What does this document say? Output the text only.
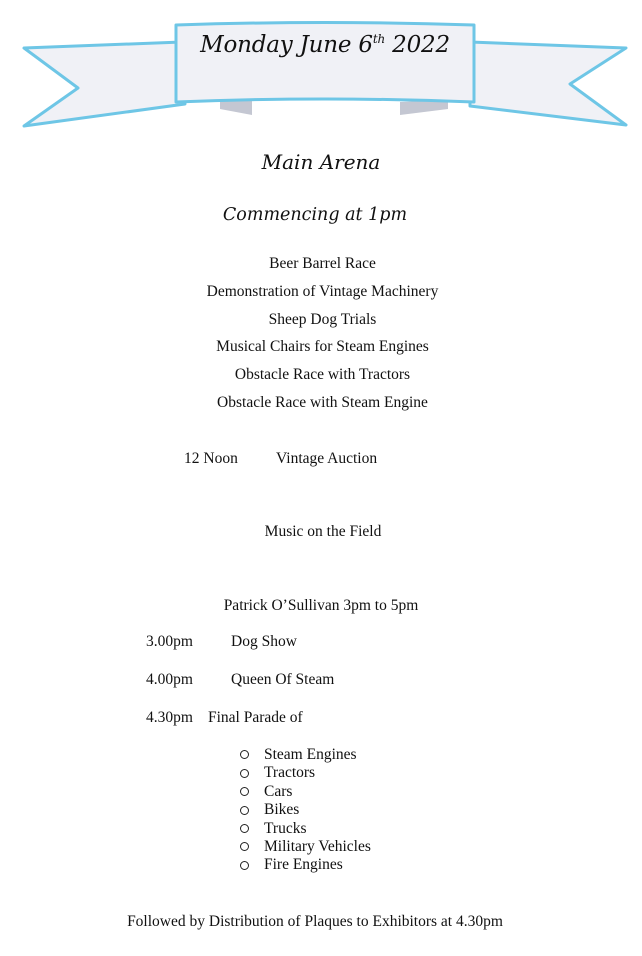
Monday June 6th 2022
Main Arena
Commencing at 1pm
Beer Barrel Race
Demonstration of Vintage Machinery
Sheep Dog Trials
Musical Chairs for Steam Engines
Obstacle Race with Tractors
Obstacle Race with Steam Engine
12 Noon Vintage Auction
Music on the Field
Patrick O’Sullivan 3pm to 5pm
3.00pm Dog Show
4.00pm Queen Of Steam
4.30pm Final Parade of
Steam Engines
Tractors
Cars
Bikes
Trucks
Military Vehicles
Fire Engines
Followed by Distribution of Plaques to Exhibitors at 4.30pm
